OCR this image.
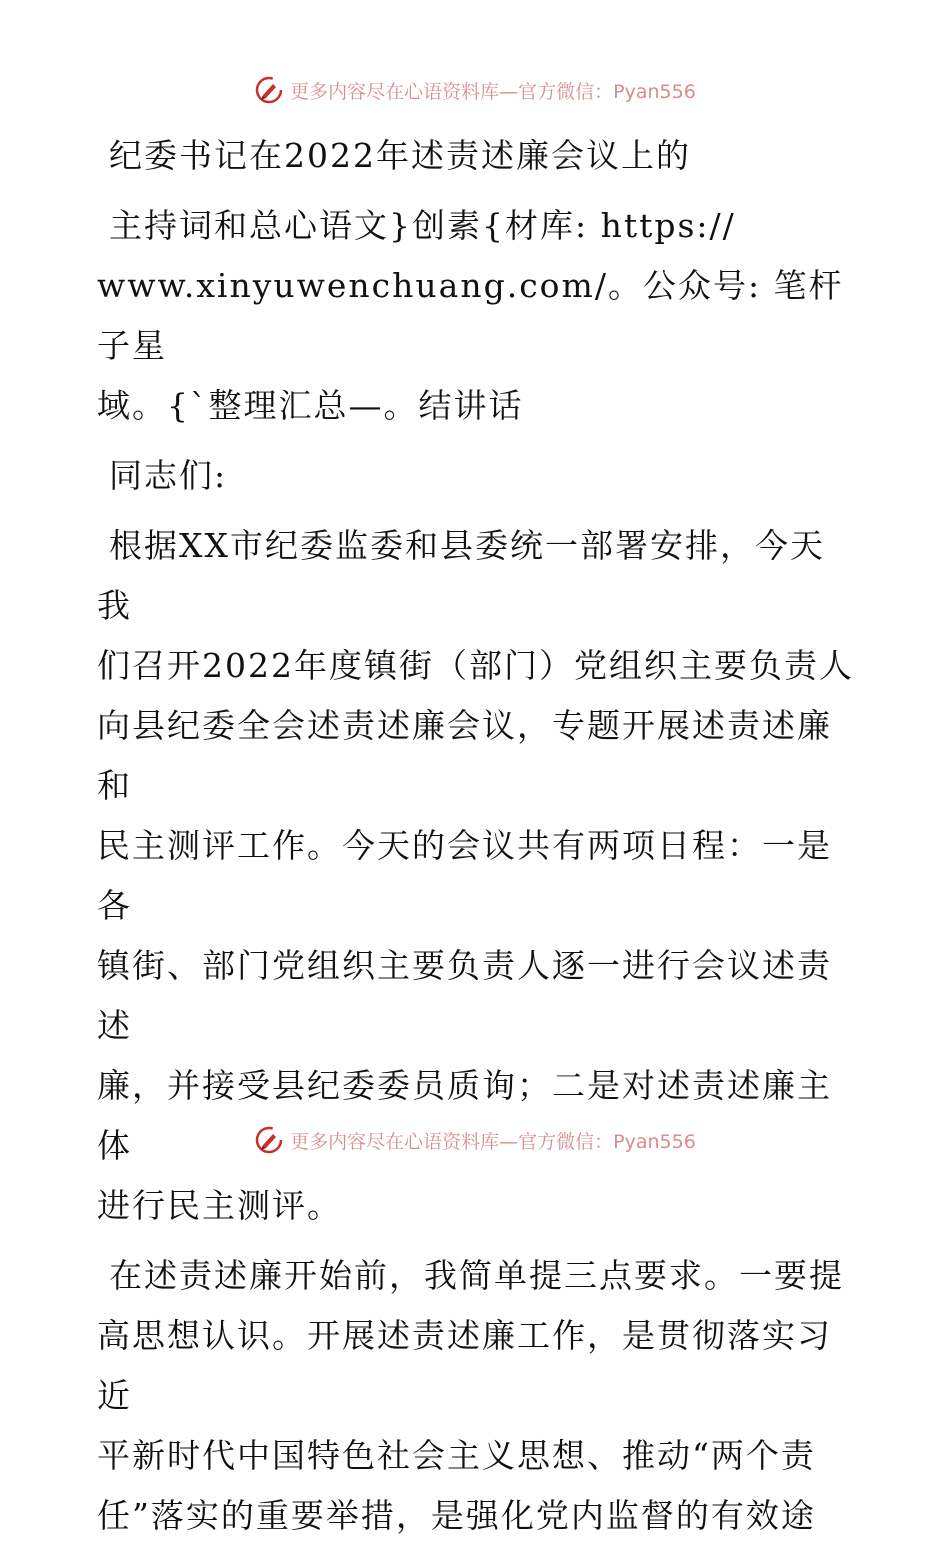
更多内容尽在心语资料库—官方微信：Pyan556

纪委书记在2022年述责述廉会议上的

主持词和总心语文}创素{材库: https://

www.xinyuwenchuang.com/。公众号: 笔杆子星

域。{`整理汇总—。结讲话

同志们:

根据XX市纪委监委和县委统一部署安排，今天我

们召开2022年度镇街（部门）党组织主要负责人

向县纪委全会述责述廉会议，专题开展述责述廉和

民主测评工作。今天的会议共有两项日程：一是各

镇街、部门党组织主要负责人逐一进行会议述责述

廉，并接受县纪委委员质询；二是对述责述廉主体

进行民主测评。

在述责述廉开始前，我简单提三点要求。一要提

高思想认识。开展述责述廉工作，是贯彻落实习近

平新时代中国特色社会主义思想、推动“两个责

任”落实的重要举措，是强化党内监督的有效途

更多内容尽在心语资料库—官方微信：Pyan556
